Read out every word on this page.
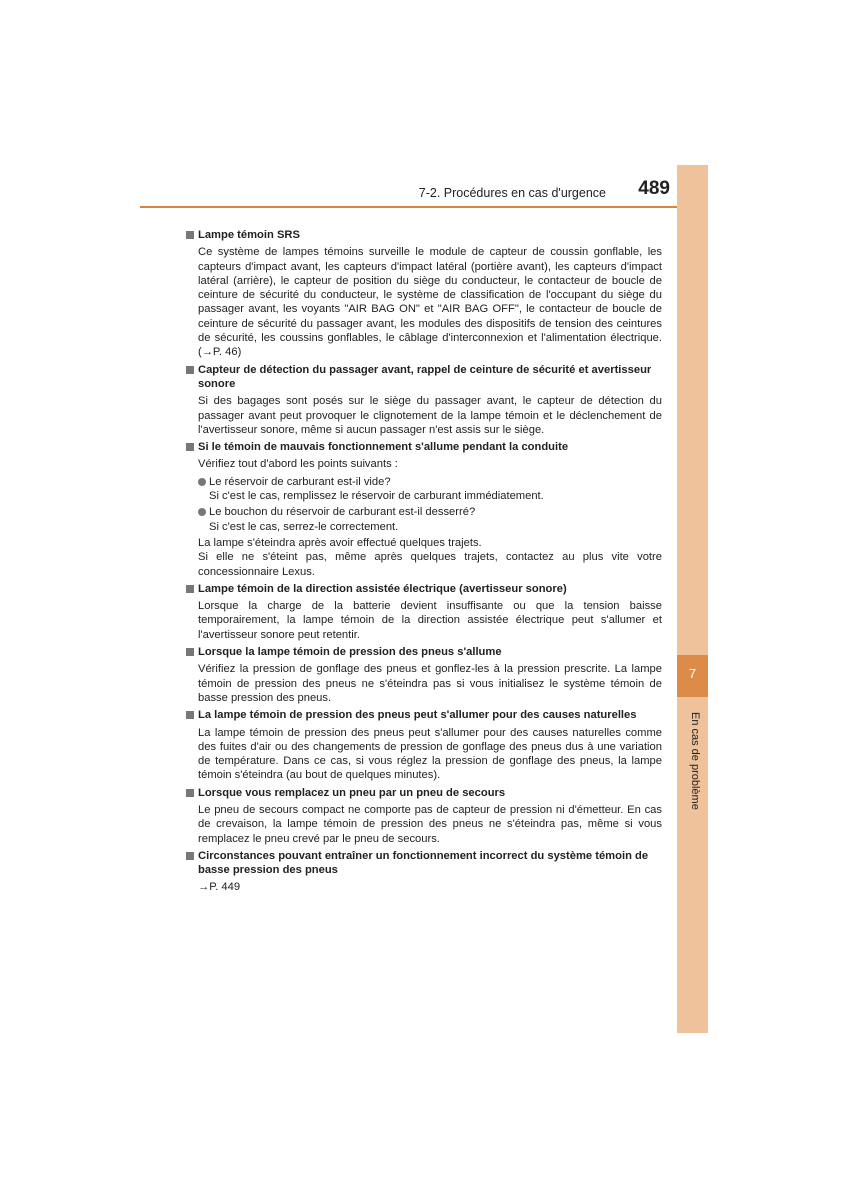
7-2. Procédures en cas d'urgence 489
7
En cas de problème
Lampe témoin SRS
Ce système de lampes témoins surveille le module de capteur de coussin gonflable, les capteurs d'impact avant, les capteurs d'impact latéral (portière avant), les capteurs d'impact latéral (arrière), le capteur de position du siège du conducteur, le contacteur de boucle de ceinture de sécurité du conducteur, le système de classification de l'occupant du siège du passager avant, les voyants "AIR BAG ON" et "AIR BAG OFF", le contacteur de boucle de ceinture de sécurité du passager avant, les modules des dispositifs de tension des ceintures de sécurité, les coussins gonflables, le câblage d'interconnexion et l'alimentation électrique. (→P. 46)
Capteur de détection du passager avant, rappel de ceinture de sécurité et avertisseur sonore
Si des bagages sont posés sur le siège du passager avant, le capteur de détection du passager avant peut provoquer le clignotement de la lampe témoin et le déclenchement de l'avertisseur sonore, même si aucun passager n'est assis sur le siège.
Si le témoin de mauvais fonctionnement s'allume pendant la conduite
Vérifiez tout d'abord les points suivants :
Le réservoir de carburant est-il vide?
Si c'est le cas, remplissez le réservoir de carburant immédiatement.
Le bouchon du réservoir de carburant est-il desserré?
Si c'est le cas, serrez-le correctement.
La lampe s'éteindra après avoir effectué quelques trajets.
Si elle ne s'éteint pas, même après quelques trajets, contactez au plus vite votre concessionnaire Lexus.
Lampe témoin de la direction assistée électrique (avertisseur sonore)
Lorsque la charge de la batterie devient insuffisante ou que la tension baisse temporairement, la lampe témoin de la direction assistée électrique peut s'allumer et l'avertisseur sonore peut retentir.
Lorsque la lampe témoin de pression des pneus s'allume
Vérifiez la pression de gonflage des pneus et gonflez-les à la pression prescrite. La lampe témoin de pression des pneus ne s'éteindra pas si vous initialisez le système témoin de basse pression des pneus.
La lampe témoin de pression des pneus peut s'allumer pour des causes naturelles
La lampe témoin de pression des pneus peut s'allumer pour des causes naturelles comme des fuites d'air ou des changements de pression de gonflage des pneus dus à une variation de température. Dans ce cas, si vous réglez la pression de gonflage des pneus, la lampe témoin s'éteindra (au bout de quelques minutes).
Lorsque vous remplacez un pneu par un pneu de secours
Le pneu de secours compact ne comporte pas de capteur de pression ni d'émetteur. En cas de crevaison, la lampe témoin de pression des pneus ne s'éteindra pas, même si vous remplacez le pneu crevé par le pneu de secours.
Circonstances pouvant entraîner un fonctionnement incorrect du système témoin de basse pression des pneus
→P. 449
